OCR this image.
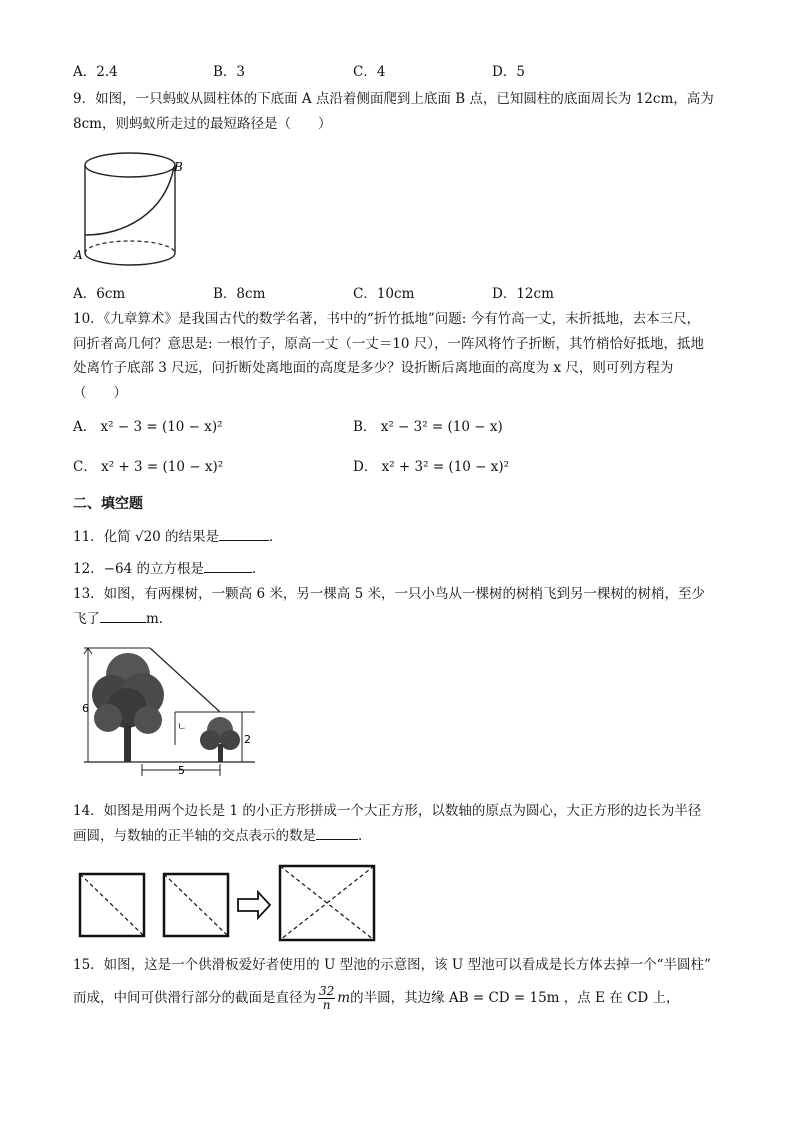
A．2.4	B．3	C．4	D．5
9．如图，一只蚂蚁从圆柱体的下底面 A 点沿着侧面爬到上底面 B 点，已知圆柱的底面周长为 12cm，高为
8cm，则蚂蚁所走过的最短路径是（　　）
A
B
A．6cm	B．8cm	C．10cm	D．12cm
10．《九章算术》是我国古代的数学名著，书中的“折竹抵地”问题: 今有竹高一丈，末折抵地，去本三尺，
问折者高几何？意思是: 一根竹子，原高一丈（一丈＝10 尺），一阵风将竹子折断，其竹梢恰好抵地，抵地
处离竹子底部 3 尺远，问折断处离地面的高度是多少？设折断后离地面的高度为 x 尺，则可列方程为
（　　）
A． x² − 3 = (10 − x)²	B． x² − 3² = (10 − x)
C． x² + 3 = (10 − x)²	D． x² + 3² = (10 − x)²
二、填空题
11．化简 √20 的结果是	．
12．−64 的立方根是	．
13．如图，有两棵树，一颗高 6 米，另一棵高 5 米，一只小鸟从一棵树的树梢飞到另一棵树的树梢，至少
飞了	m．
6
ㄴ
2
5
14．如图是用两个边长是 1 的小正方形拼成一个大正方形，以数轴的原点为圆心，大正方形的边长为半径
画圆，与数轴的正半轴的交点表示的数是	．
15．如图，这是一个供滑板爱好者使用的 U 型池的示意图，该 U 型池可以看成是长方体去掉一个“半圆柱”
而成，中间可供滑行部分的截面是直径为 $\frac{32}{n}$ m的半圆，其边缘 AB = CD = 15m ，点 E 在 CD 上，
